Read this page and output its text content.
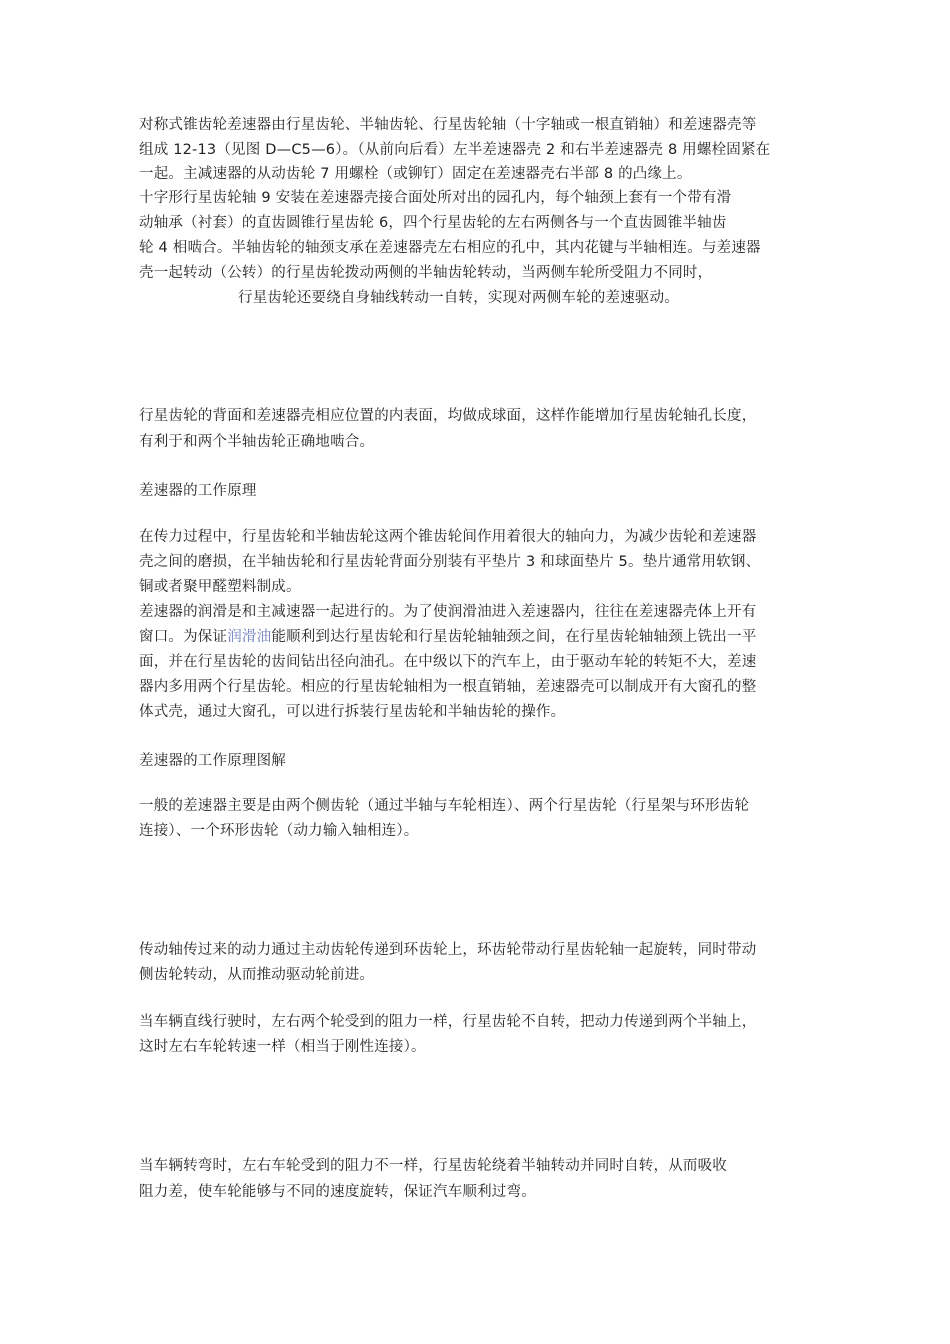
对称式锥齿轮差速器由行星齿轮、半轴齿轮、行星齿轮轴（十字轴或一根直销轴）和差速器壳等
组成 12-13（见图 D—C5—6）。（从前向后看）左半差速器壳 2 和右半差速器壳 8 用螺栓固紧在
一起。主减速器的从动齿轮 7 用螺栓（或铆钉）固定在差速器壳右半部 8 的凸缘上。
十字形行星齿轮轴 9 安装在差速器壳接合面处所对出的园孔内，每个轴颈上套有一个带有滑
动轴承（衬套）的直齿圆锥行星齿轮 6，四个行星齿轮的左右两侧各与一个直齿圆锥半轴齿
轮 4 相啮合。半轴齿轮的轴颈支承在差速器壳左右相应的孔中，其内花键与半轴相连。与差速器
壳一起转动（公转）的行星齿轮拨动两侧的半轴齿轮转动，当两侧车轮所受阻力不同时，
行星齿轮还要绕自身轴线转动一自转，实现对两侧车轮的差速驱动。
行星齿轮的背面和差速器壳相应位置的内表面，均做成球面，这样作能增加行星齿轮轴孔长度，
有利于和两个半轴齿轮正确地啮合。
差速器的工作原理
在传力过程中，行星齿轮和半轴齿轮这两个锥齿轮间作用着很大的轴向力，为减少齿轮和差速器
壳之间的磨损，在半轴齿轮和行星齿轮背面分别装有平垫片 3 和球面垫片 5。垫片通常用软钢、
铜或者聚甲醛塑料制成。
差速器的润滑是和主减速器一起进行的。为了使润滑油进入差速器内，往往在差速器壳体上开有
窗口。为保证润滑油能顺利到达行星齿轮和行星齿轮轴轴颈之间，在行星齿轮轴轴颈上铣出一平
面，并在行星齿轮的齿间钻出径向油孔。在中级以下的汽车上，由于驱动车轮的转矩不大，差速
器内多用两个行星齿轮。相应的行星齿轮轴相为一根直销轴，差速器壳可以制成开有大窗孔的整
体式壳，通过大窗孔，可以进行拆装行星齿轮和半轴齿轮的操作。
差速器的工作原理图解
一般的差速器主要是由两个侧齿轮（通过半轴与车轮相连）、两个行星齿轮（行星架与环形齿轮
连接）、一个环形齿轮（动力输入轴相连）。
传动轴传过来的动力通过主动齿轮传递到环齿轮上，环齿轮带动行星齿轮轴一起旋转，同时带动
侧齿轮转动，从而推动驱动轮前进。
当车辆直线行驶时，左右两个轮受到的阻力一样，行星齿轮不自转，把动力传递到两个半轴上，
这时左右车轮转速一样（相当于刚性连接）。
当车辆转弯时，左右车轮受到的阻力不一样，行星齿轮绕着半轴转动并同时自转，从而吸收
阻力差，使车轮能够与不同的速度旋转，保证汽车顺利过弯。
